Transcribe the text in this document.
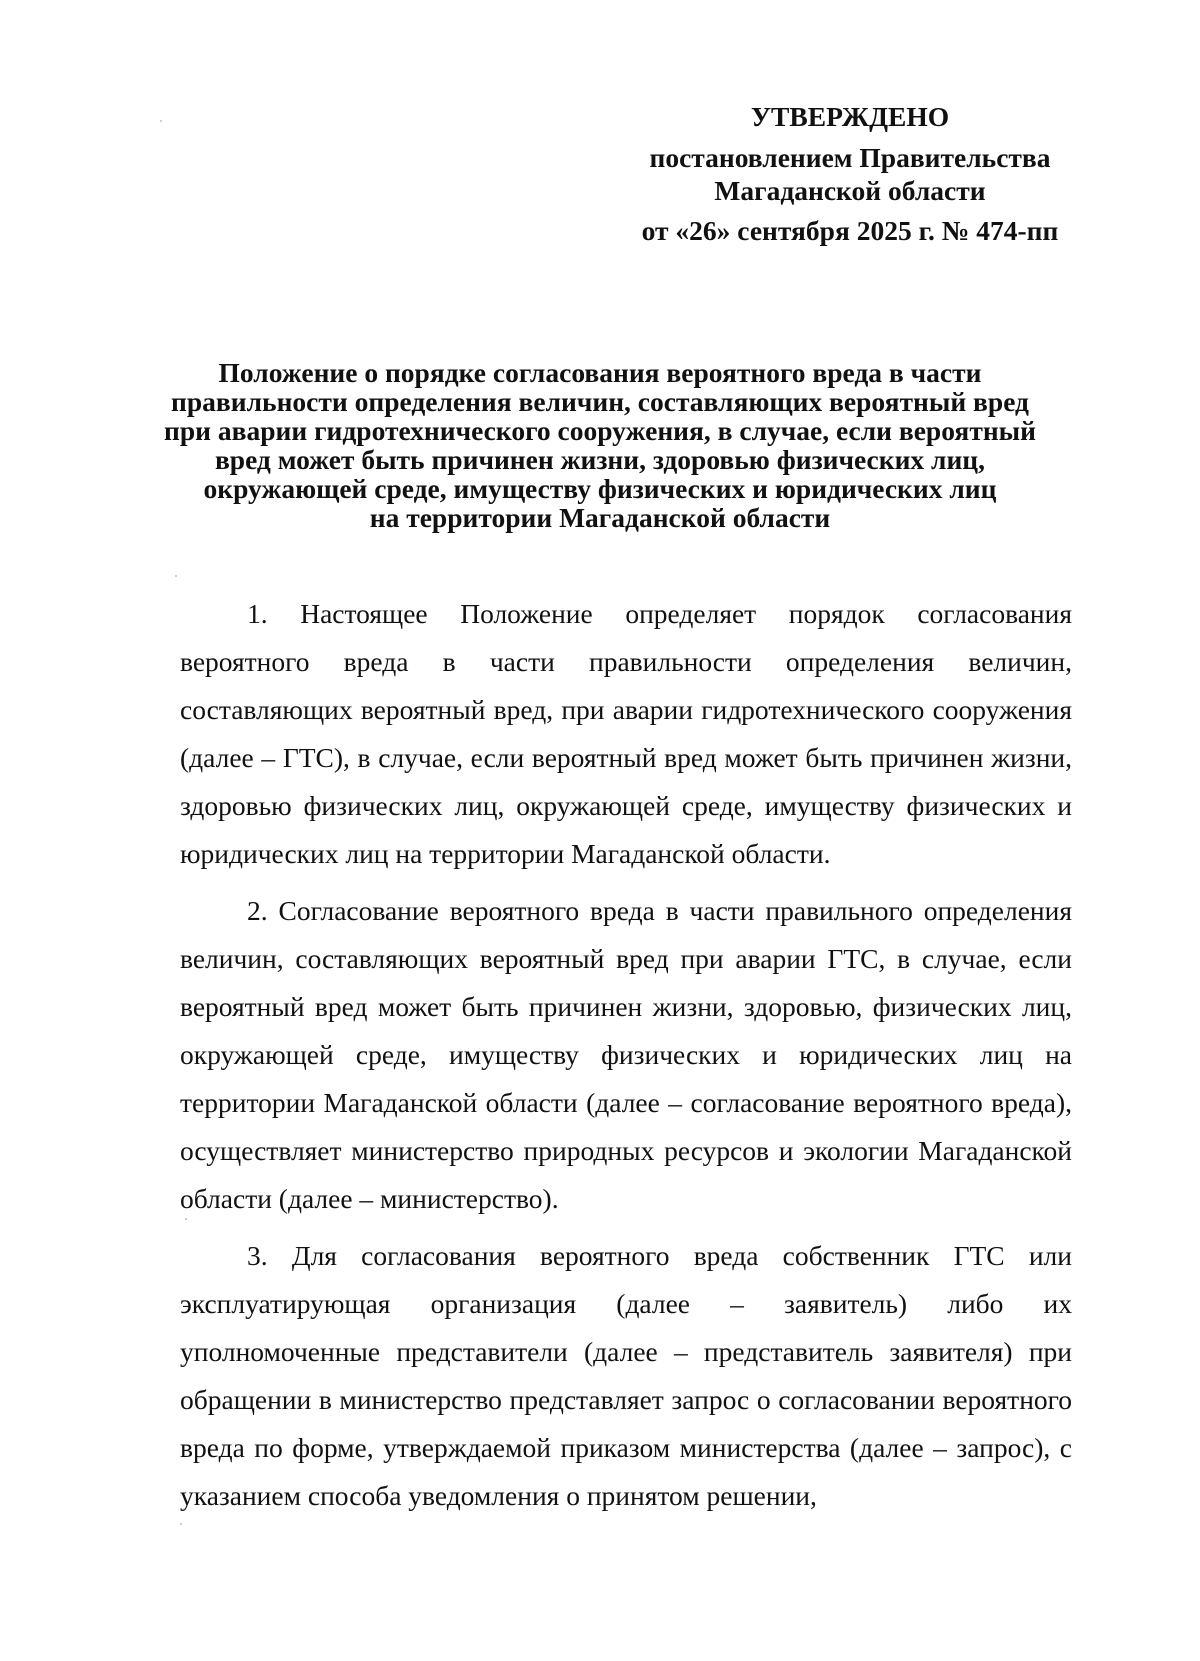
УТВЕРЖДЕНО
постановлением Правительства
Магаданской области
от «26» сентября 2025 г. № 474-пп
Положение о порядке согласования вероятного вреда в части
правильности определения величин, составляющих вероятный вред
при аварии гидротехнического сооружения, в случае, если вероятный
вред может быть причинен жизни, здоровью физических лиц,
окружающей среде, имуществу физических и юридических лиц
на территории Магаданской области

1. Настоящее Положение определяет порядок согласования вероятного вреда в части правильности определения величин, составляющих вероятный вред, при аварии гидротехнического сооружения (далее – ГТС), в случае, если вероятный вред может быть причинен жизни, здоровью физических лиц, окружающей среде, имуществу физических и юридических лиц на территории Магаданской области.

2. Согласование вероятного вреда в части правильного определения величин, составляющих вероятный вред при аварии ГТС, в случае, если вероятный вред может быть причинен жизни, здоровью, физических лиц, окружающей среде, имуществу физических и юридических лиц на территории Магаданской области (далее – согласование вероятного вреда), осуществляет министерство природных ресурсов и экологии Магаданской области (далее – министерство).

3. Для согласования вероятного вреда собственник ГТС или эксплуатирующая организация (далее – заявитель) либо их уполномоченные представители (далее – представитель заявителя) при обращении в министерство представляет запрос о согласовании вероятного вреда по форме, утверждаемой приказом министерства (далее – запрос), с указанием способа уведомления о принятом решении,
